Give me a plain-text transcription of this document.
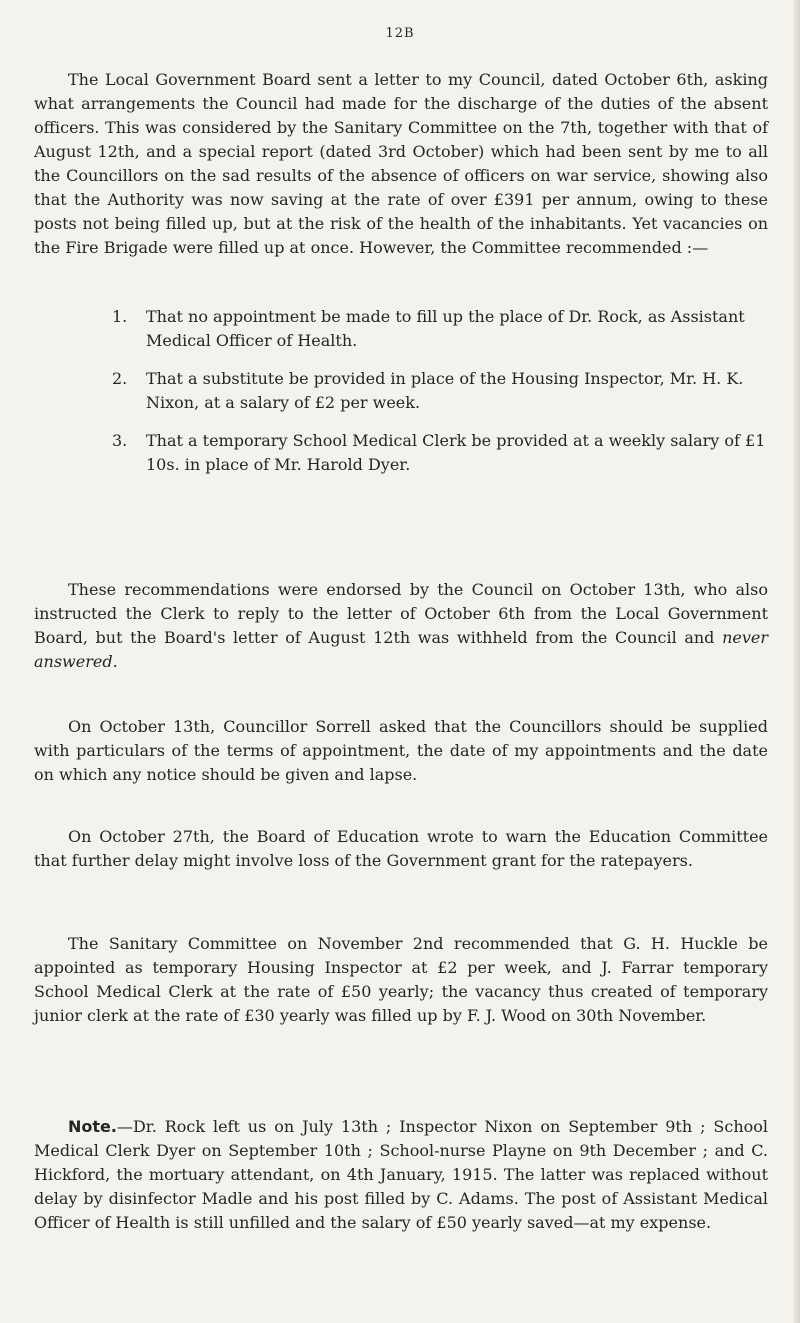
12B

The Local Government Board sent a letter to my Council, dated October 6th, asking what arrangements the Council had made for the discharge of the duties of the absent officers. This was considered by the Sanitary Committee on the 7th, together with that of August 12th, and a special report (dated 3rd October) which had been sent by me to all the Councillors on the sad results of the absence of officers on war service, showing also that the Authority was now saving at the rate of over £391 per annum, owing to these posts not being filled up, but at the risk of the health of the inhabitants. Yet vacancies on the Fire Brigade were filled up at once. However, the Committee recommended :—

1. That no appointment be made to fill up the place of Dr. Rock, as Assistant Medical Officer of Health.
2. That a substitute be provided in place of the Housing Inspector, Mr. H. K. Nixon, at a salary of £2 per week.
3. That a temporary School Medical Clerk be provided at a weekly salary of £1 10s. in place of Mr. Harold Dyer.

These recommendations were endorsed by the Council on October 13th, who also instructed the Clerk to reply to the letter of October 6th from the Local Government Board, but the Board's letter of August 12th was withheld from the Council and never answered.

On October 13th, Councillor Sorrell asked that the Councillors should be supplied with particulars of the terms of appointment, the date of my appointments and the date on which any notice should be given and lapse.

On October 27th, the Board of Education wrote to warn the Education Committee that further delay might involve loss of the Government grant for the ratepayers.

The Sanitary Committee on November 2nd recommended that G. H. Huckle be appointed as temporary Housing Inspector at £2 per week, and J. Farrar temporary School Medical Clerk at the rate of £50 yearly; the vacancy thus created of temporary junior clerk at the rate of £30 yearly was filled up by F. J. Wood on 30th November.

Note.—Dr. Rock left us on July 13th ; Inspector Nixon on September 9th ; School Medical Clerk Dyer on September 10th ; School-nurse Playne on 9th December ; and C. Hickford, the mortuary attendant, on 4th January, 1915. The latter was replaced without delay by disinfector Madle and his post filled by C. Adams. The post of Assistant Medical Officer of Health is still unfilled and the salary of £50 yearly saved—at my expense.
